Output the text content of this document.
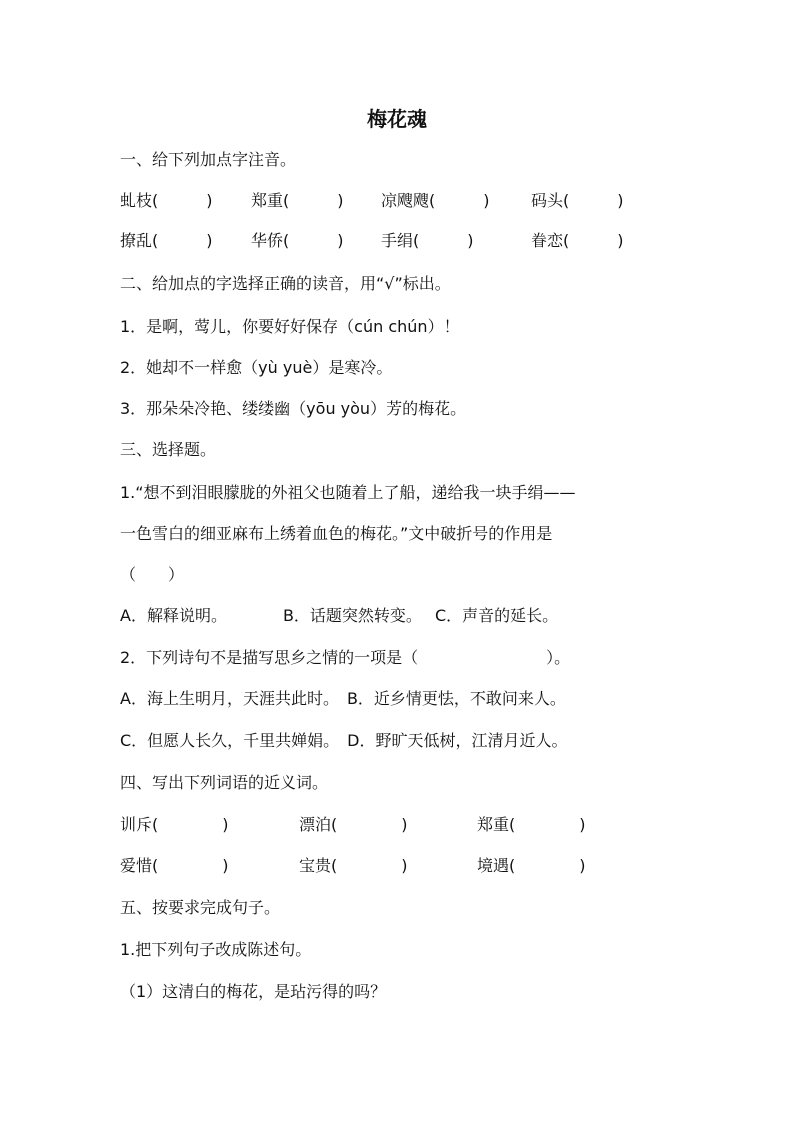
梅花魂
一、给下列加点字注音。
虬枝(　　　) 郑重(　　　) 凉飕飕(　　　)	码头(　　　)
撩乱(　　　) 华侨(　　　) 手绢(　　　)	眷恋(　　　)
二、给加点的字选择正确的读音，用“√”标出。
1．是啊，莺儿，你要好好保存（cún chún）！
2．她却不一样愈（yù yuè）是寒冷。
3．那朵朵冷艳、缕缕幽（yōu yòu）芳的梅花。
三、选择题。
1.“想不到泪眼朦胧的外祖父也随着上了船，递给我一块手绢——
一色雪白的细亚麻布上绣着血色的梅花。”文中破折号的作用是
（　　）
A．解释说明。　　　　B．话题突然转变。　 C．声音的延长。
2．下列诗句不是描写思乡之情的一项是（　　　　　　　　）。
A．海上生明月，天涯共此时。　B．近乡情更怯，不敢问来人。
C．但愿人长久，千里共婵娟。　D．野旷天低树，江清月近人。
四、写出下列词语的近义词。
训斥(　　　　)	漂泊(　　　　)	郑重(　　　　)
爱惜(　　　　)	宝贵(　　　　)	境遇(　　　　)
五、按要求完成句子。
1.把下列句子改成陈述句。
（1）这清白的梅花，是玷污得的吗？
